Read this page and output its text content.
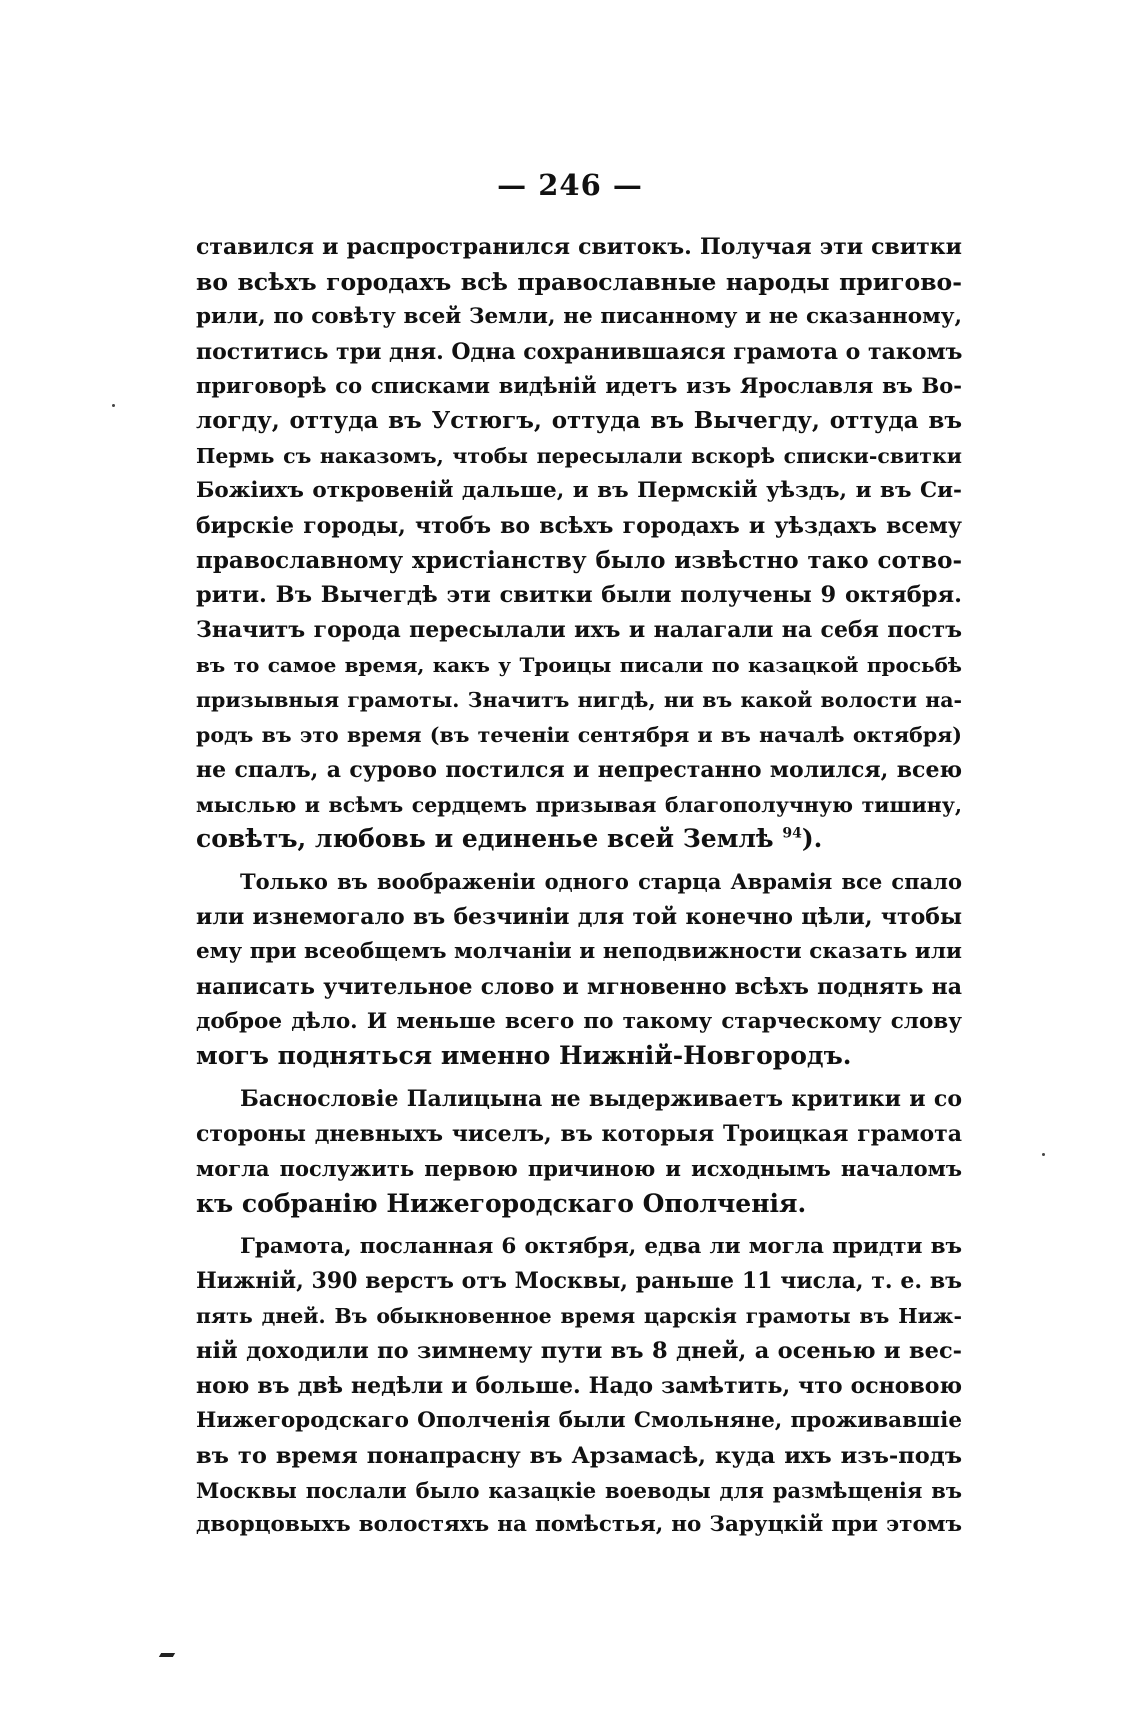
— 246 —
ставился и распространился свитокъ. Получая эти свитки
во всѣхъ городахъ всѣ православные народы пригово-
рили, по совѣту всей Земли, не писанному и не сказанному,
поститись три дня. Одна сохранившаяся грамота о такомъ
приговорѣ со списками видѣній идетъ изъ Ярославля въ Во-
логду, оттуда въ Устюгъ, оттуда въ Вычегду, оттуда въ
Пермь съ наказомъ, чтобы пересылали вскорѣ списки-свитки
Божіихъ откровеній дальше, и въ Пермскій уѣздъ, и въ Си-
бирскіе городы, чтобъ во всѣхъ городахъ и уѣздахъ всему
православному христіанству было извѣстно тако сотво-
рити. Въ Вычегдѣ эти свитки были получены 9 октября.
Значитъ города пересылали ихъ и налагали на себя постъ
въ то самое время, какъ у Троицы писали по казацкой просьбѣ
призывныя грамоты. Значитъ нигдѣ, ни въ какой волости на-
родъ въ это время (въ теченіи сентября и въ началѣ октября)
не спалъ, а сурово постился и непрестанно молился, всею
мыслью и всѣмъ сердцемъ призывая благополучную тишину,
совѣтъ, любовь и единенье всей Землѣ $^{94}$).
Только въ воображеніи одного старца Аврамія все спало
или изнемогало въ безчиніи для той конечно цѣли, чтобы
ему при всеобщемъ молчаніи и неподвижности сказать или
написать учительное слово и мгновенно всѣхъ поднять на
доброе дѣло. И меньше всего по такому старческому слову
могъ подняться именно Нижній-Новгородъ.
Баснословіе Палицына не выдерживаетъ критики и со
стороны дневныхъ чиселъ, въ которыя Троицкая грамота
могла послужить первою причиною и исходнымъ началомъ
къ собранію Нижегородскаго Ополченія.
Грамота, посланная 6 октября, едва ли могла придти въ
Нижній, 390 верстъ отъ Москвы, раньше 11 числа, т. е. въ
пять дней. Въ обыкновенное время царскія грамоты въ Ниж-
ній доходили по зимнему пути въ 8 дней, а осенью и вес-
ною въ двѣ недѣли и больше. Надо замѣтить, что основою
Нижегородскаго Ополченія были Смольняне, проживавшіе
въ то время понапрасну въ Арзамасѣ, куда ихъ изъ-подъ
Москвы послали было казацкіе воеводы для размѣщенія въ
дворцовыхъ волостяхъ на помѣстья, но Заруцкій при этомъ
